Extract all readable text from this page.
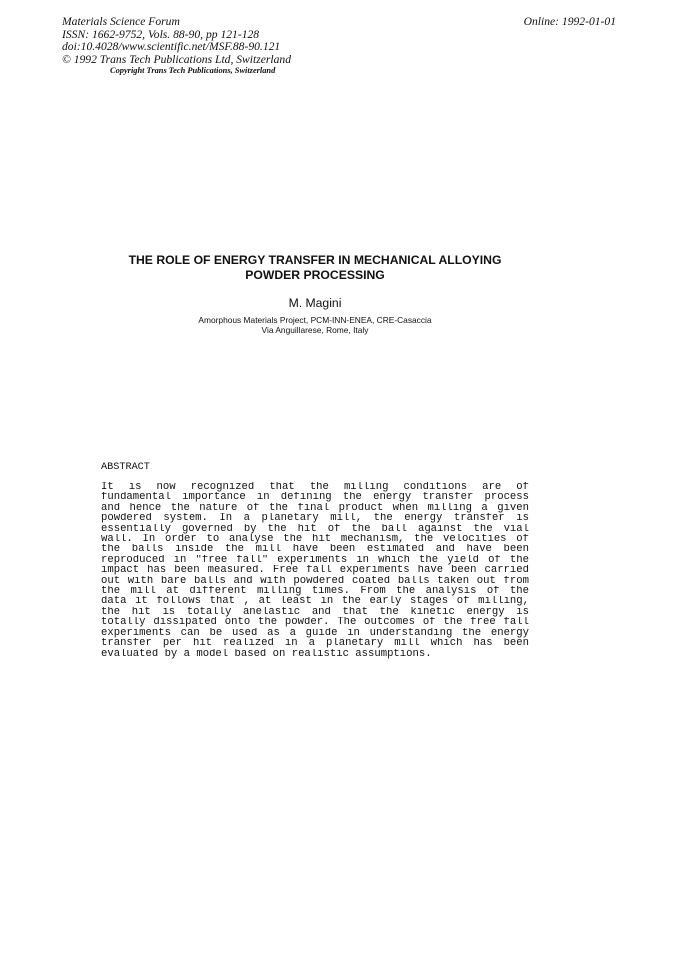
Materials Science Forum
ISSN: 1662-9752, Vols. 88-90, pp 121-128
doi:10.4028/www.scientific.net/MSF.88-90.121
© 1992 Trans Tech Publications Ltd, Switzerland
Online: 1992-01-01
Copyright Trans Tech Publications, Switzerland
THE ROLE OF ENERGY TRANSFER IN MECHANICAL ALLOYING
POWDER PROCESSING
M. Magini
Amorphous Materials Project, PCM-INN-ENEA, CRE-Casaccia
Via Anguillarese, Rome, Italy
ABSTRACT
It is now recognized that the milling conditions are of
fundamental importance in defining the energy transfer process
and hence the nature of the final product when milling a given
powdered system. In a planetary mill, the energy transfer is
essentially governed by the hit of the ball against the vial
wall. In order to analyse the hit mechanism, the velocities of
the balls inside the mill have been estimated and have been
reproduced in "free fall" experiments in which the yield of the
impact has been measured. Free fall experiments have been carried
out with bare balls and with powdered coated balls taken out from
the mill at different milling times. From the analysis of the
data it follows that , at least in the early stages of milling,
the hit is totally anelastic and that the kinetic energy is
totally dissipated onto the powder. The outcomes of the free fall
experiments can be used as a guide in understanding the energy
transfer per hit realized in a planetary mill which has been
evaluated by a model based on realistic assumptions.
